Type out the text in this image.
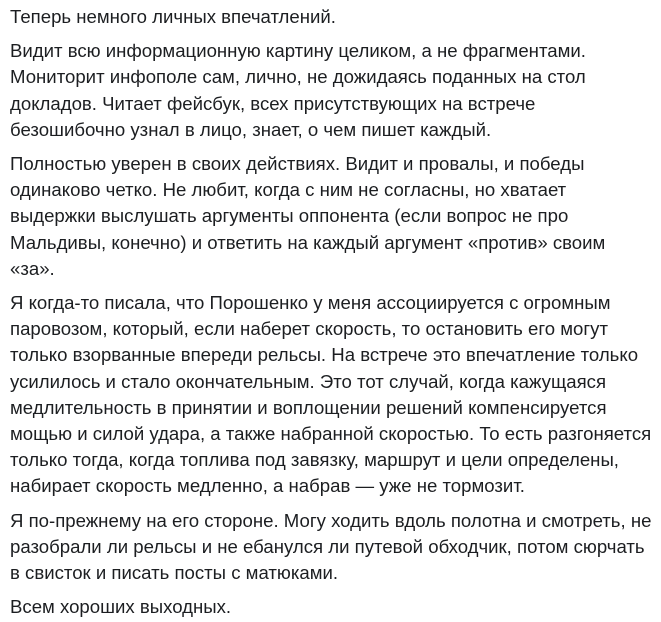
Теперь немного личных впечатлений.

Видит всю информационную картину целиком, а не фрагментами. Мониторит инфополе сам, лично, не дожидаясь поданных на стол докладов. Читает фейсбук, всех присутствующих на встрече безошибочно узнал в лицо, знает, о чем пишет каждый.

Полностью уверен в своих действиях. Видит и провалы, и победы одинаково четко. Не любит, когда с ним не согласны, но хватает выдержки выслушать аргументы оппонента (если вопрос не про Мальдивы, конечно) и ответить на каждый аргумент «против» своим «за».

Я когда-то писала, что Порошенко у меня ассоциируется с огромным паровозом, который, если наберет скорость, то остановить его могут только взорванные впереди рельсы. На встрече это впечатление только усилилось и стало окончательным. Это тот случай, когда кажущаяся медлительность в принятии и воплощении решений компенсируется мощью и силой удара, а также набранной скоростью. То есть разгоняется только тогда, когда топлива под завязку, маршрут и цели определены, набирает скорость медленно, а набрав — уже не тормозит.

Я по-прежнему на его стороне. Могу ходить вдоль полотна и смотреть, не разобрали ли рельсы и не ебанулся ли путевой обходчик, потом сюрчать в свисток и писать посты с матюками.

Всем хороших выходных.
